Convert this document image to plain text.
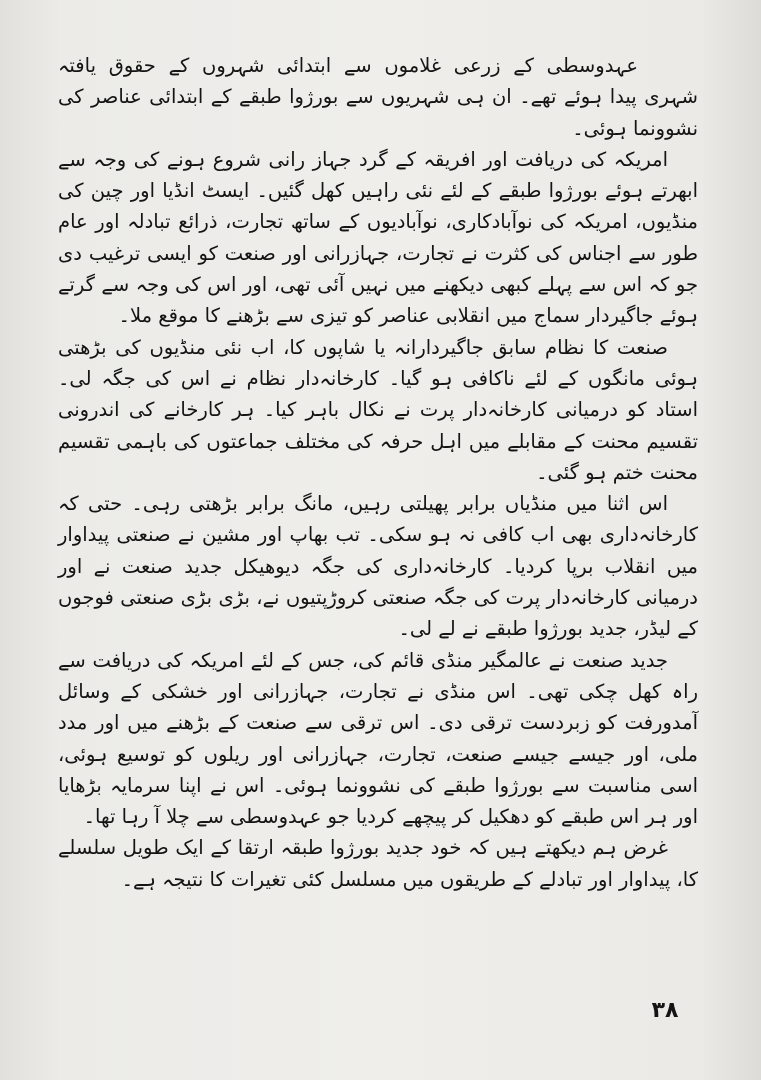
عہدوسطی کے زرعی غلاموں سے ابتدائی شہروں کے حقوق یافتہ شہری پیدا ہوئے تھے۔ ان ہی شہریوں سے بورژوا طبقے کے ابتدائی عناصر کی نشوونما ہوئی۔

امریکہ کی دریافت اور افریقہ کے گرد جہاز رانی شروع ہونے کی وجہ سے ابھرتے ہوئے بورژوا طبقے کے لئے نئی راہیں کھل گئیں۔ ایسٹ انڈیا اور چین کی منڈیوں، امریکہ کی نوآبادکاری، نوآبادیوں کے ساتھ تجارت، ذرائع تبادلہ اور عام طور سے اجناس کی کثرت نے تجارت، جہازرانی اور صنعت کو ایسی ترغیب دی جو کہ اس سے پہلے کبھی دیکھنے میں نہیں آئی تھی، اور اس کی وجہ سے گرتے ہوئے جاگیردار سماج میں انقلابی عناصر کو تیزی سے بڑھنے کا موقع ملا۔

صنعت کا نظام سابق جاگیردارانہ یا شاپوں کا، اب نئی منڈیوں کی بڑھتی ہوئی مانگوں کے لئے ناکافی ہو گیا۔ کارخانہ‌دار نظام نے اس کی جگہ لی۔ استاد کو درمیانی کارخانہ‌دار پرت نے نکال باہر کیا۔ ہر کارخانے کی اندرونی تقسیم محنت کے مقابلے میں اہل حرفہ کی مختلف جماعتوں کی باہمی تقسیم محنت ختم ہو گئی۔

اس اثنا میں منڈیاں برابر پھیلتی رہیں، مانگ برابر بڑھتی رہی۔ حتی کہ کارخانہ‌داری بھی اب کافی نہ ہو سکی۔ تب بھاپ اور مشین نے صنعتی پیداوار میں انقلاب برپا کردیا۔ کارخانہ‌داری کی جگہ دیوھیکل جدید صنعت نے اور درمیانی کارخانہ‌دار پرت کی جگہ صنعتی کروڑپتیوں نے، بڑی بڑی صنعتی فوجوں کے لیڈر، جدید بورژوا طبقے نے لے لی۔

جدید صنعت نے عالمگیر منڈی قائم کی، جس کے لئے امریکہ کی دریافت سے راہ کھل چکی تھی۔ اس منڈی نے تجارت، جہازرانی اور خشکی کے وسائل آمدورفت کو زبردست ترقی دی۔ اس ترقی سے صنعت کے بڑھنے میں اور مدد ملی، اور جیسے جیسے صنعت، تجارت، جہازرانی اور ریلوں کو توسیع ہوئی، اسی مناسبت سے بورژوا طبقے کی نشوونما ہوئی۔ اس نے اپنا سرمایہ بڑھایا اور ہر اس طبقے کو دھکیل کر پیچھے کردیا جو عہدوسطی سے چلا آ رہا تھا۔

غرض ہم دیکھتے ہیں کہ خود جدید بورژوا طبقہ ارتقا کے ایک طویل سلسلے کا، پیداوار اور تبادلے کے طریقوں میں مسلسل کئی تغیرات کا نتیجہ ہے۔

۳۸
